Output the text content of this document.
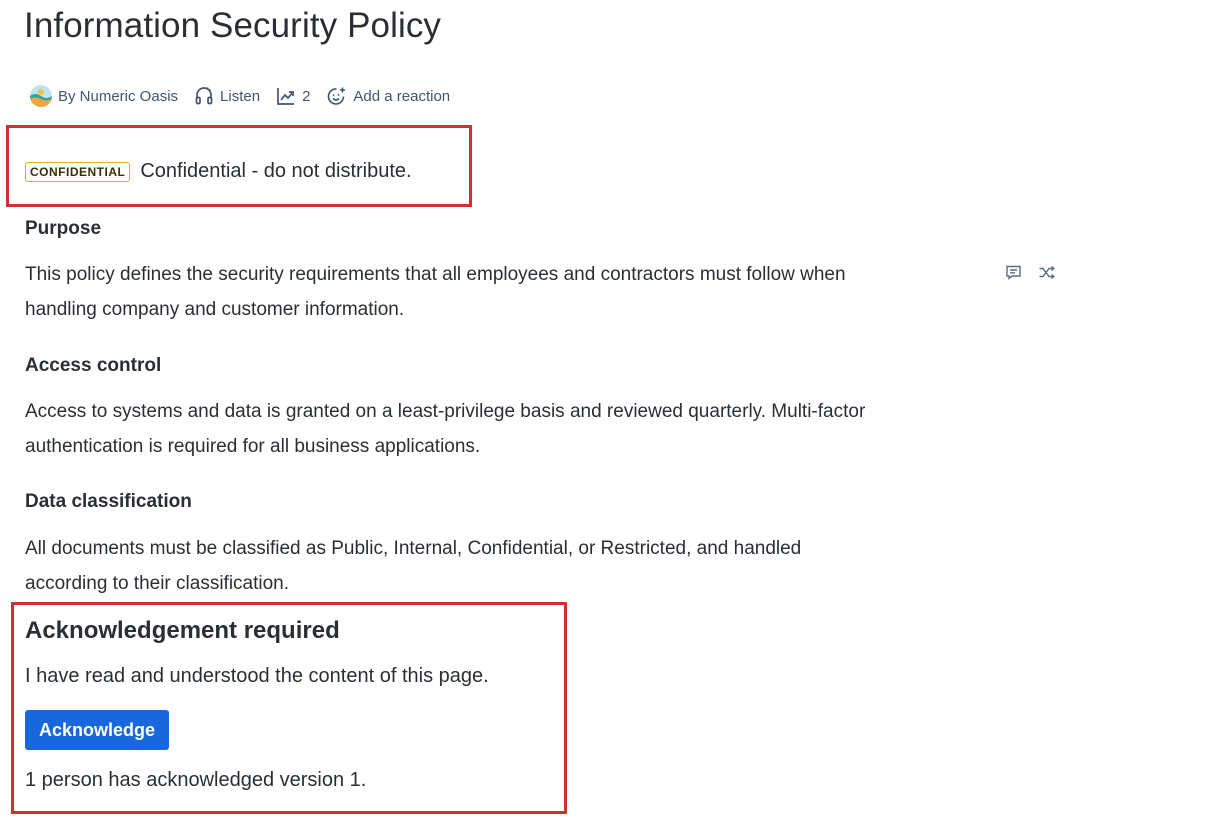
Information Security Policy
By Numeric Oasis	Listen	2	Add a reaction
CONFIDENTIAL Confidential - do not distribute.
Purpose
This policy defines the security requirements that all employees and contractors must follow when
handling company and customer information.
Access control
Access to systems and data is granted on a least-privilege basis and reviewed quarterly. Multi-factor
authentication is required for all business applications.
Data classification
All documents must be classified as Public, Internal, Confidential, or Restricted, and handled
according to their classification.
Acknowledgement required
I have read and understood the content of this page.
Acknowledge
1 person has acknowledged version 1.
